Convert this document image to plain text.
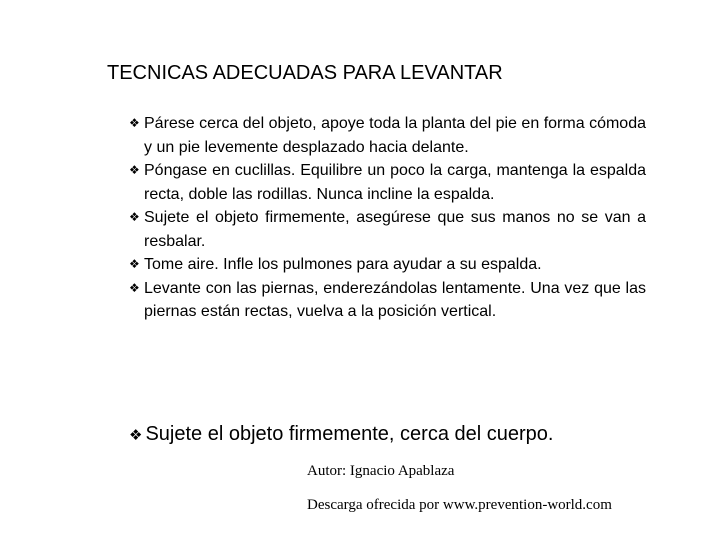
TECNICAS ADECUADAS PARA LEVANTAR
❖ Párese cerca del objeto, apoye toda la planta del pie en forma cómoda y un pie levemente desplazado hacia delante.
❖ Póngase en cuclillas. Equilibre un poco la carga, mantenga la espalda recta, doble las rodillas. Nunca incline la espalda.
❖ Sujete el objeto firmemente, asegúrese que sus manos no se van a resbalar.
❖ Tome aire. Infle los pulmones para ayudar a su espalda.
❖ Levante con las piernas, enderezándolas lentamente. Una vez que las piernas están rectas, vuelva a la posición vertical.
❖ Sujete el objeto firmemente, cerca del cuerpo.
Autor: Ignacio Apablaza
Descarga ofrecida por www.prevention-world.com
